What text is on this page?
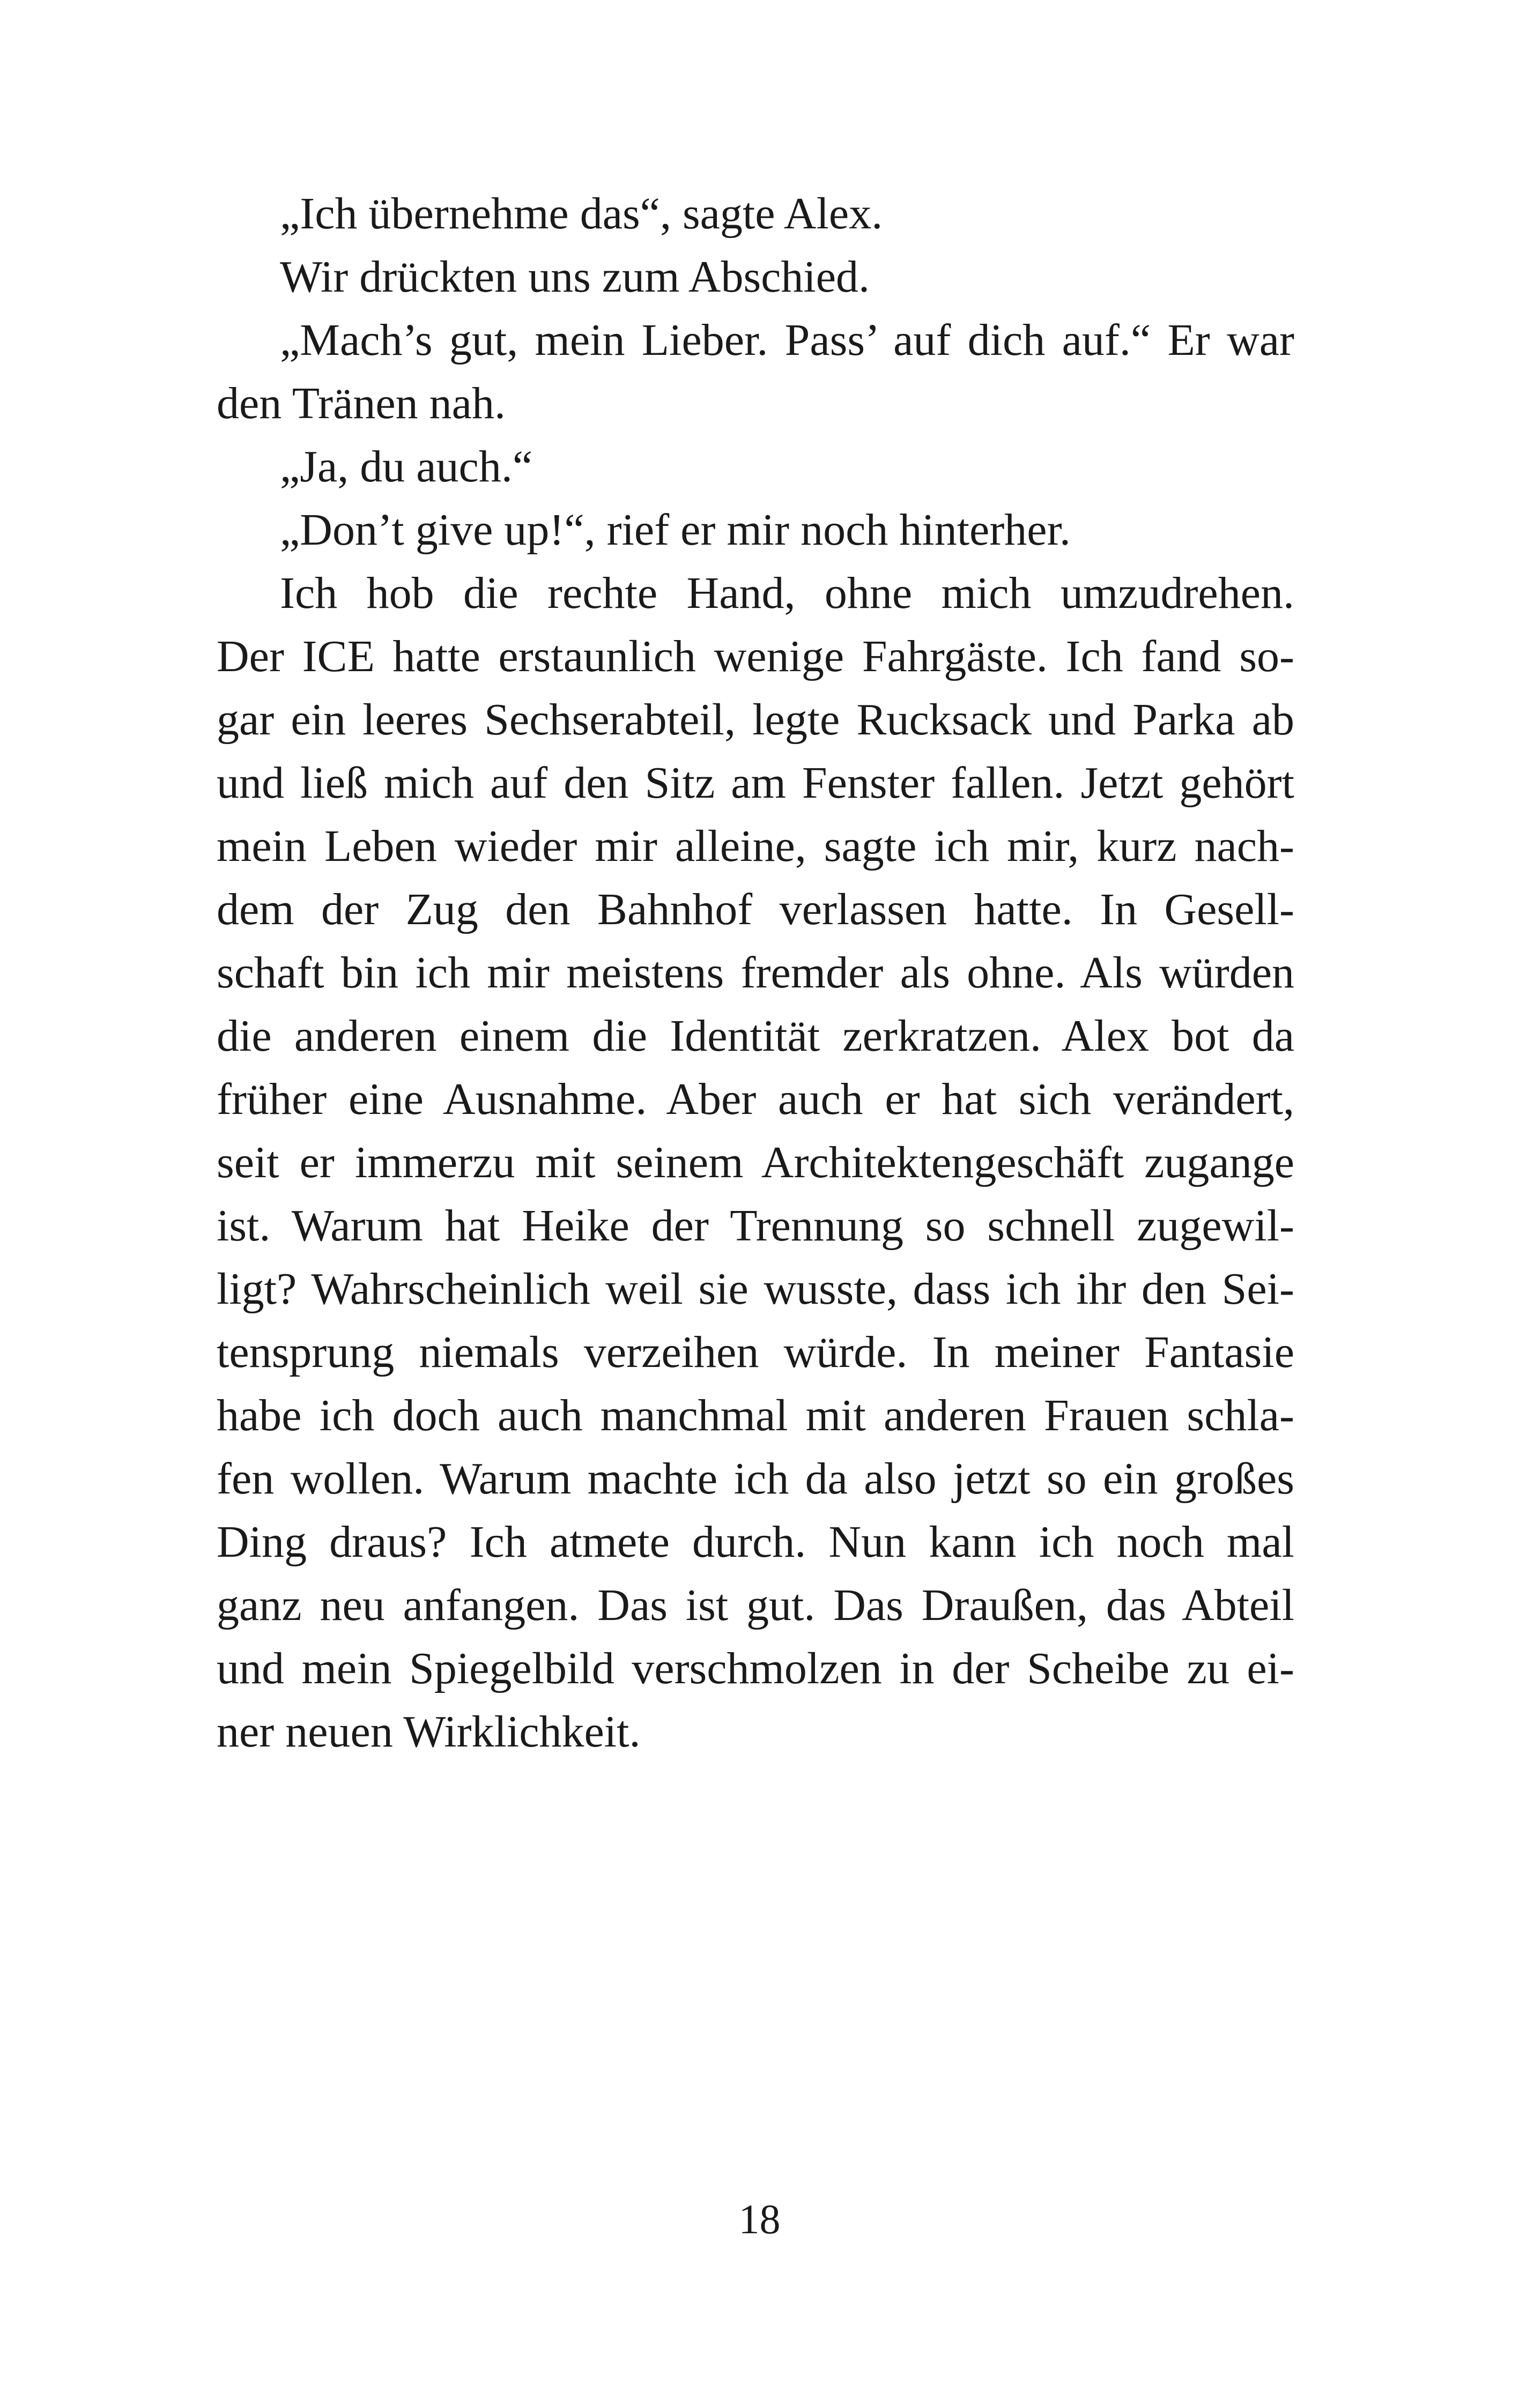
„Ich übernehme das“, sagte Alex.
Wir drückten uns zum Abschied.
„Mach’s gut, mein Lieber. Pass’ auf dich auf.“ Er war
den Tränen nah.
„Ja, du auch.“
„Don’t give up!“, rief er mir noch hinterher.
Ich hob die rechte Hand, ohne mich umzudrehen.
Der ICE hatte erstaunlich wenige Fahrgäste. Ich fand so-
gar ein leeres Sechserabteil, legte Rucksack und Parka ab
und ließ mich auf den Sitz am Fenster fallen. Jetzt gehört
mein Leben wieder mir alleine, sagte ich mir, kurz nach-
dem der Zug den Bahnhof verlassen hatte. In Gesell-
schaft bin ich mir meistens fremder als ohne. Als würden
die anderen einem die Identität zerkratzen. Alex bot da
früher eine Ausnahme. Aber auch er hat sich verändert,
seit er immerzu mit seinem Architektengeschäft zugange
ist. Warum hat Heike der Trennung so schnell zugewil-
ligt? Wahrscheinlich weil sie wusste, dass ich ihr den Sei-
tensprung niemals verzeihen würde. In meiner Fantasie
habe ich doch auch manchmal mit anderen Frauen schla-
fen wollen. Warum machte ich da also jetzt so ein großes
Ding draus? Ich atmete durch. Nun kann ich noch mal
ganz neu anfangen. Das ist gut. Das Draußen, das Abteil
und mein Spiegelbild verschmolzen in der Scheibe zu ei-
ner neuen Wirklichkeit.
18
